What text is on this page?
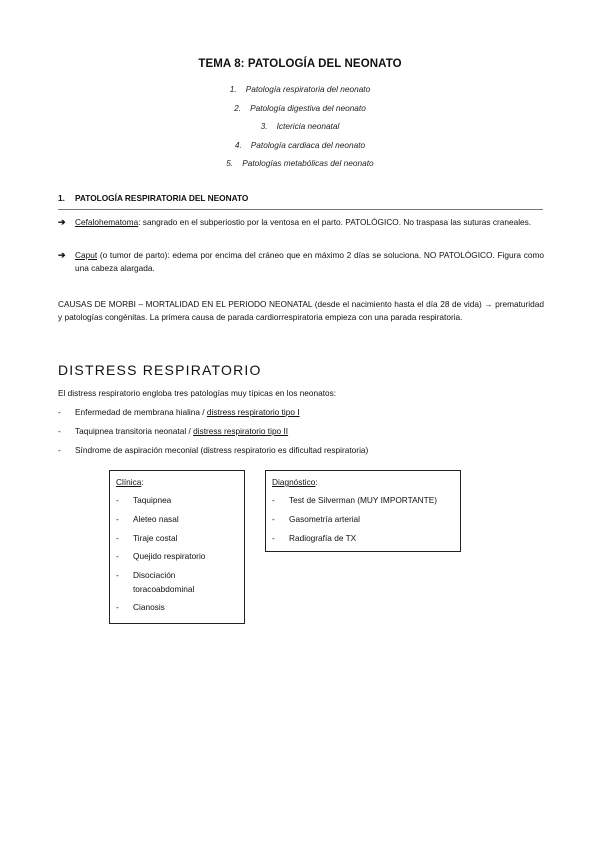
TEMA 8: PATOLOGÍA DEL NEONATO
1. Patología respiratoria del neonato
2. Patología digestiva del neonato
3. Ictericia neonatal
4. Patología cardiaca del neonato
5. Patologías metabólicas del neonato
1. PATOLOGÍA RESPIRATORIA DEL NEONATO
➔ Cefalohematoma: sangrado en el subperiostio por la ventosa en el parto. PATOLÓGICO. No traspasa las suturas craneales.
➔ Caput (o tumor de parto): edema por encima del cráneo que en máximo 2 días se soluciona. NO PATOLÓGICO. Figura como una cabeza alargada.
CAUSAS DE MORBI – MORTALIDAD EN EL PERIODO NEONATAL (desde el nacimiento hasta el día 28 de vida) → prematuridad y patologías congénitas. La primera causa de parada cardiorrespiratoria empieza con una parada respiratoria.
DISTRESS RESPIRATORIO
El distress respiratorio engloba tres patologías muy típicas en los neonatos:
- Enfermedad de membrana hialina / distress respiratorio tipo I
- Taquipnea transitoria neonatal / distress respiratorio tipo II
- Síndrome de aspiración meconial (distress respiratorio es dificultad respiratoria)
Clínica:
- Taquipnea
- Aleteo nasal
- Tiraje costal
- Quejido respiratorio
- Disociación toracoabdominal
- Cianosis
Diagnóstico:
- Test de Silverman (MUY IMPORTANTE)
- Gasometría arterial
- Radiografía de TX
